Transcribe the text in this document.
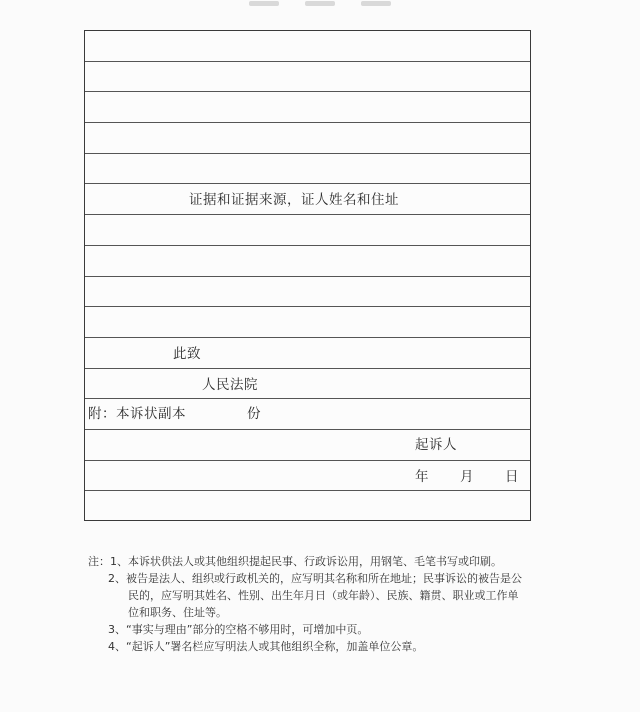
证据和证据来源，证人姓名和住址
此致
人民法院
附：本诉状副本	份
起诉人
年 月 日
注：1、本诉状供法人或其他组织提起民事、行政诉讼用，用钢笔、毛笔书写或印刷。
2、被告是法人、组织或行政机关的，应写明其名称和所在地址；民事诉讼的被告是公
民的，应写明其姓名、性别、出生年月日（或年龄）、民族、籍贯、职业或工作单
位和职务、住址等。
3、“事实与理由”部分的空格不够用时，可增加中页。
4、“起诉人”署名栏应写明法人或其他组织全称，加盖单位公章。
